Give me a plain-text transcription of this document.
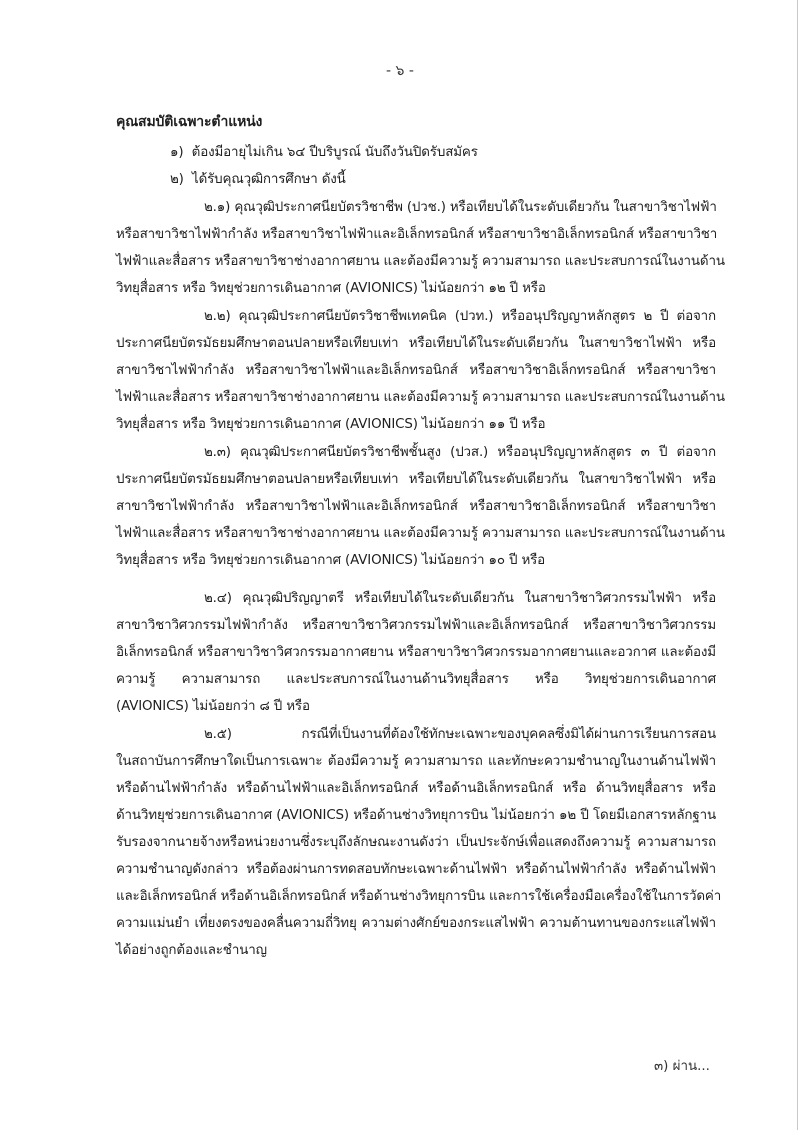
- ๖ -
คุณสมบัติเฉพาะตำแหน่ง
๑) ต้องมีอายุไม่เกิน ๖๔ ปีบริบูรณ์ นับถึงวันปิดรับสมัคร
๒) ได้รับคุณวุฒิการศึกษา ดังนี้
๒.๑) คุณวุฒิประกาศนียบัตรวิชาชีพ (ปวช.) หรือเทียบได้ในระดับเดียวกัน ในสาขาวิชาไฟฟ้า
หรือสาขาวิชาไฟฟ้ากำลัง หรือสาขาวิชาไฟฟ้าและอิเล็กทรอนิกส์ หรือสาขาวิชาอิเล็กทรอนิกส์ หรือสาขาวิชา
ไฟฟ้าและสื่อสาร หรือสาขาวิชาช่างอากาศยาน และต้องมีความรู้ ความสามารถ และประสบการณ์ในงานด้าน
วิทยุสื่อสาร หรือ วิทยุช่วยการเดินอากาศ (AVIONICS) ไม่น้อยกว่า ๑๒ ปี หรือ
๒.๒) คุณวุฒิประกาศนียบัตรวิชาชีพเทคนิค (ปวท.) หรืออนุปริญญาหลักสูตร ๒ ปี ต่อจาก
ประกาศนียบัตรมัธยมศึกษาตอนปลายหรือเทียบเท่า หรือเทียบได้ในระดับเดียวกัน ในสาขาวิชาไฟฟ้า หรือ
สาขาวิชาไฟฟ้ากำลัง หรือสาขาวิชาไฟฟ้าและอิเล็กทรอนิกส์ หรือสาขาวิชาอิเล็กทรอนิกส์ หรือสาขาวิชา
ไฟฟ้าและสื่อสาร หรือสาขาวิชาช่างอากาศยาน และต้องมีความรู้ ความสามารถ และประสบการณ์ในงานด้าน
วิทยุสื่อสาร หรือ วิทยุช่วยการเดินอากาศ (AVIONICS) ไม่น้อยกว่า ๑๑ ปี หรือ
๒.๓) คุณวุฒิประกาศนียบัตรวิชาชีพชั้นสูง (ปวส.) หรืออนุปริญญาหลักสูตร ๓ ปี ต่อจาก
ประกาศนียบัตรมัธยมศึกษาตอนปลายหรือเทียบเท่า หรือเทียบได้ในระดับเดียวกัน ในสาขาวิชาไฟฟ้า หรือ
สาขาวิชาไฟฟ้ากำลัง หรือสาขาวิชาไฟฟ้าและอิเล็กทรอนิกส์ หรือสาขาวิชาอิเล็กทรอนิกส์ หรือสาขาวิชา
ไฟฟ้าและสื่อสาร หรือสาขาวิชาช่างอากาศยาน และต้องมีความรู้ ความสามารถ และประสบการณ์ในงานด้าน
วิทยุสื่อสาร หรือ วิทยุช่วยการเดินอากาศ (AVIONICS) ไม่น้อยกว่า ๑๐ ปี หรือ
๒.๔) คุณวุฒิปริญญาตรี หรือเทียบได้ในระดับเดียวกัน ในสาขาวิชาวิศวกรรมไฟฟ้า หรือ
สาขาวิชาวิศวกรรมไฟฟ้ากำลัง หรือสาขาวิชาวิศวกรรมไฟฟ้าและอิเล็กทรอนิกส์ หรือสาขาวิชาวิศวกรรม
อิเล็กทรอนิกส์ หรือสาขาวิชาวิศวกรรมอากาศยาน หรือสาขาวิชาวิศวกรรมอากาศยานและอวกาศ และต้องมี
ความรู้ ความสามารถ และประสบการณ์ในงานด้านวิทยุสื่อสาร หรือ วิทยุช่วยการเดินอากาศ
(AVIONICS) ไม่น้อยกว่า ๘ ปี หรือ
๒.๕) กรณีที่เป็นงานที่ต้องใช้ทักษะเฉพาะของบุคคลซึ่งมิได้ผ่านการเรียนการสอน
ในสถาบันการศึกษาใดเป็นการเฉพาะ ต้องมีความรู้ ความสามารถ และทักษะความชำนาญในงานด้านไฟฟ้า
หรือด้านไฟฟ้ากำลัง หรือด้านไฟฟ้าและอิเล็กทรอนิกส์ หรือด้านอิเล็กทรอนิกส์ หรือ ด้านวิทยุสื่อสาร หรือ
ด้านวิทยุช่วยการเดินอากาศ (AVIONICS) หรือด้านช่างวิทยุการบิน ไม่น้อยกว่า ๑๒ ปี โดยมีเอกสารหลักฐาน
รับรองจากนายจ้างหรือหน่วยงานซึ่งระบุถึงลักษณะงานดังว่า เป็นประจักษ์เพื่อแสดงถึงความรู้ ความสามารถ
ความชำนาญดังกล่าว หรือต้องผ่านการทดสอบทักษะเฉพาะด้านไฟฟ้า หรือด้านไฟฟ้ากำลัง หรือด้านไฟฟ้า
และอิเล็กทรอนิกส์ หรือด้านอิเล็กทรอนิกส์ หรือด้านช่างวิทยุการบิน และการใช้เครื่องมือเครื่องใช้ในการวัดค่า
ความแม่นยำ เที่ยงตรงของคลื่นความถี่วิทยุ ความต่างศักย์ของกระแสไฟฟ้า ความต้านทานของกระแสไฟฟ้า
ได้อย่างถูกต้องและชำนาญ
๓) ผ่าน...
